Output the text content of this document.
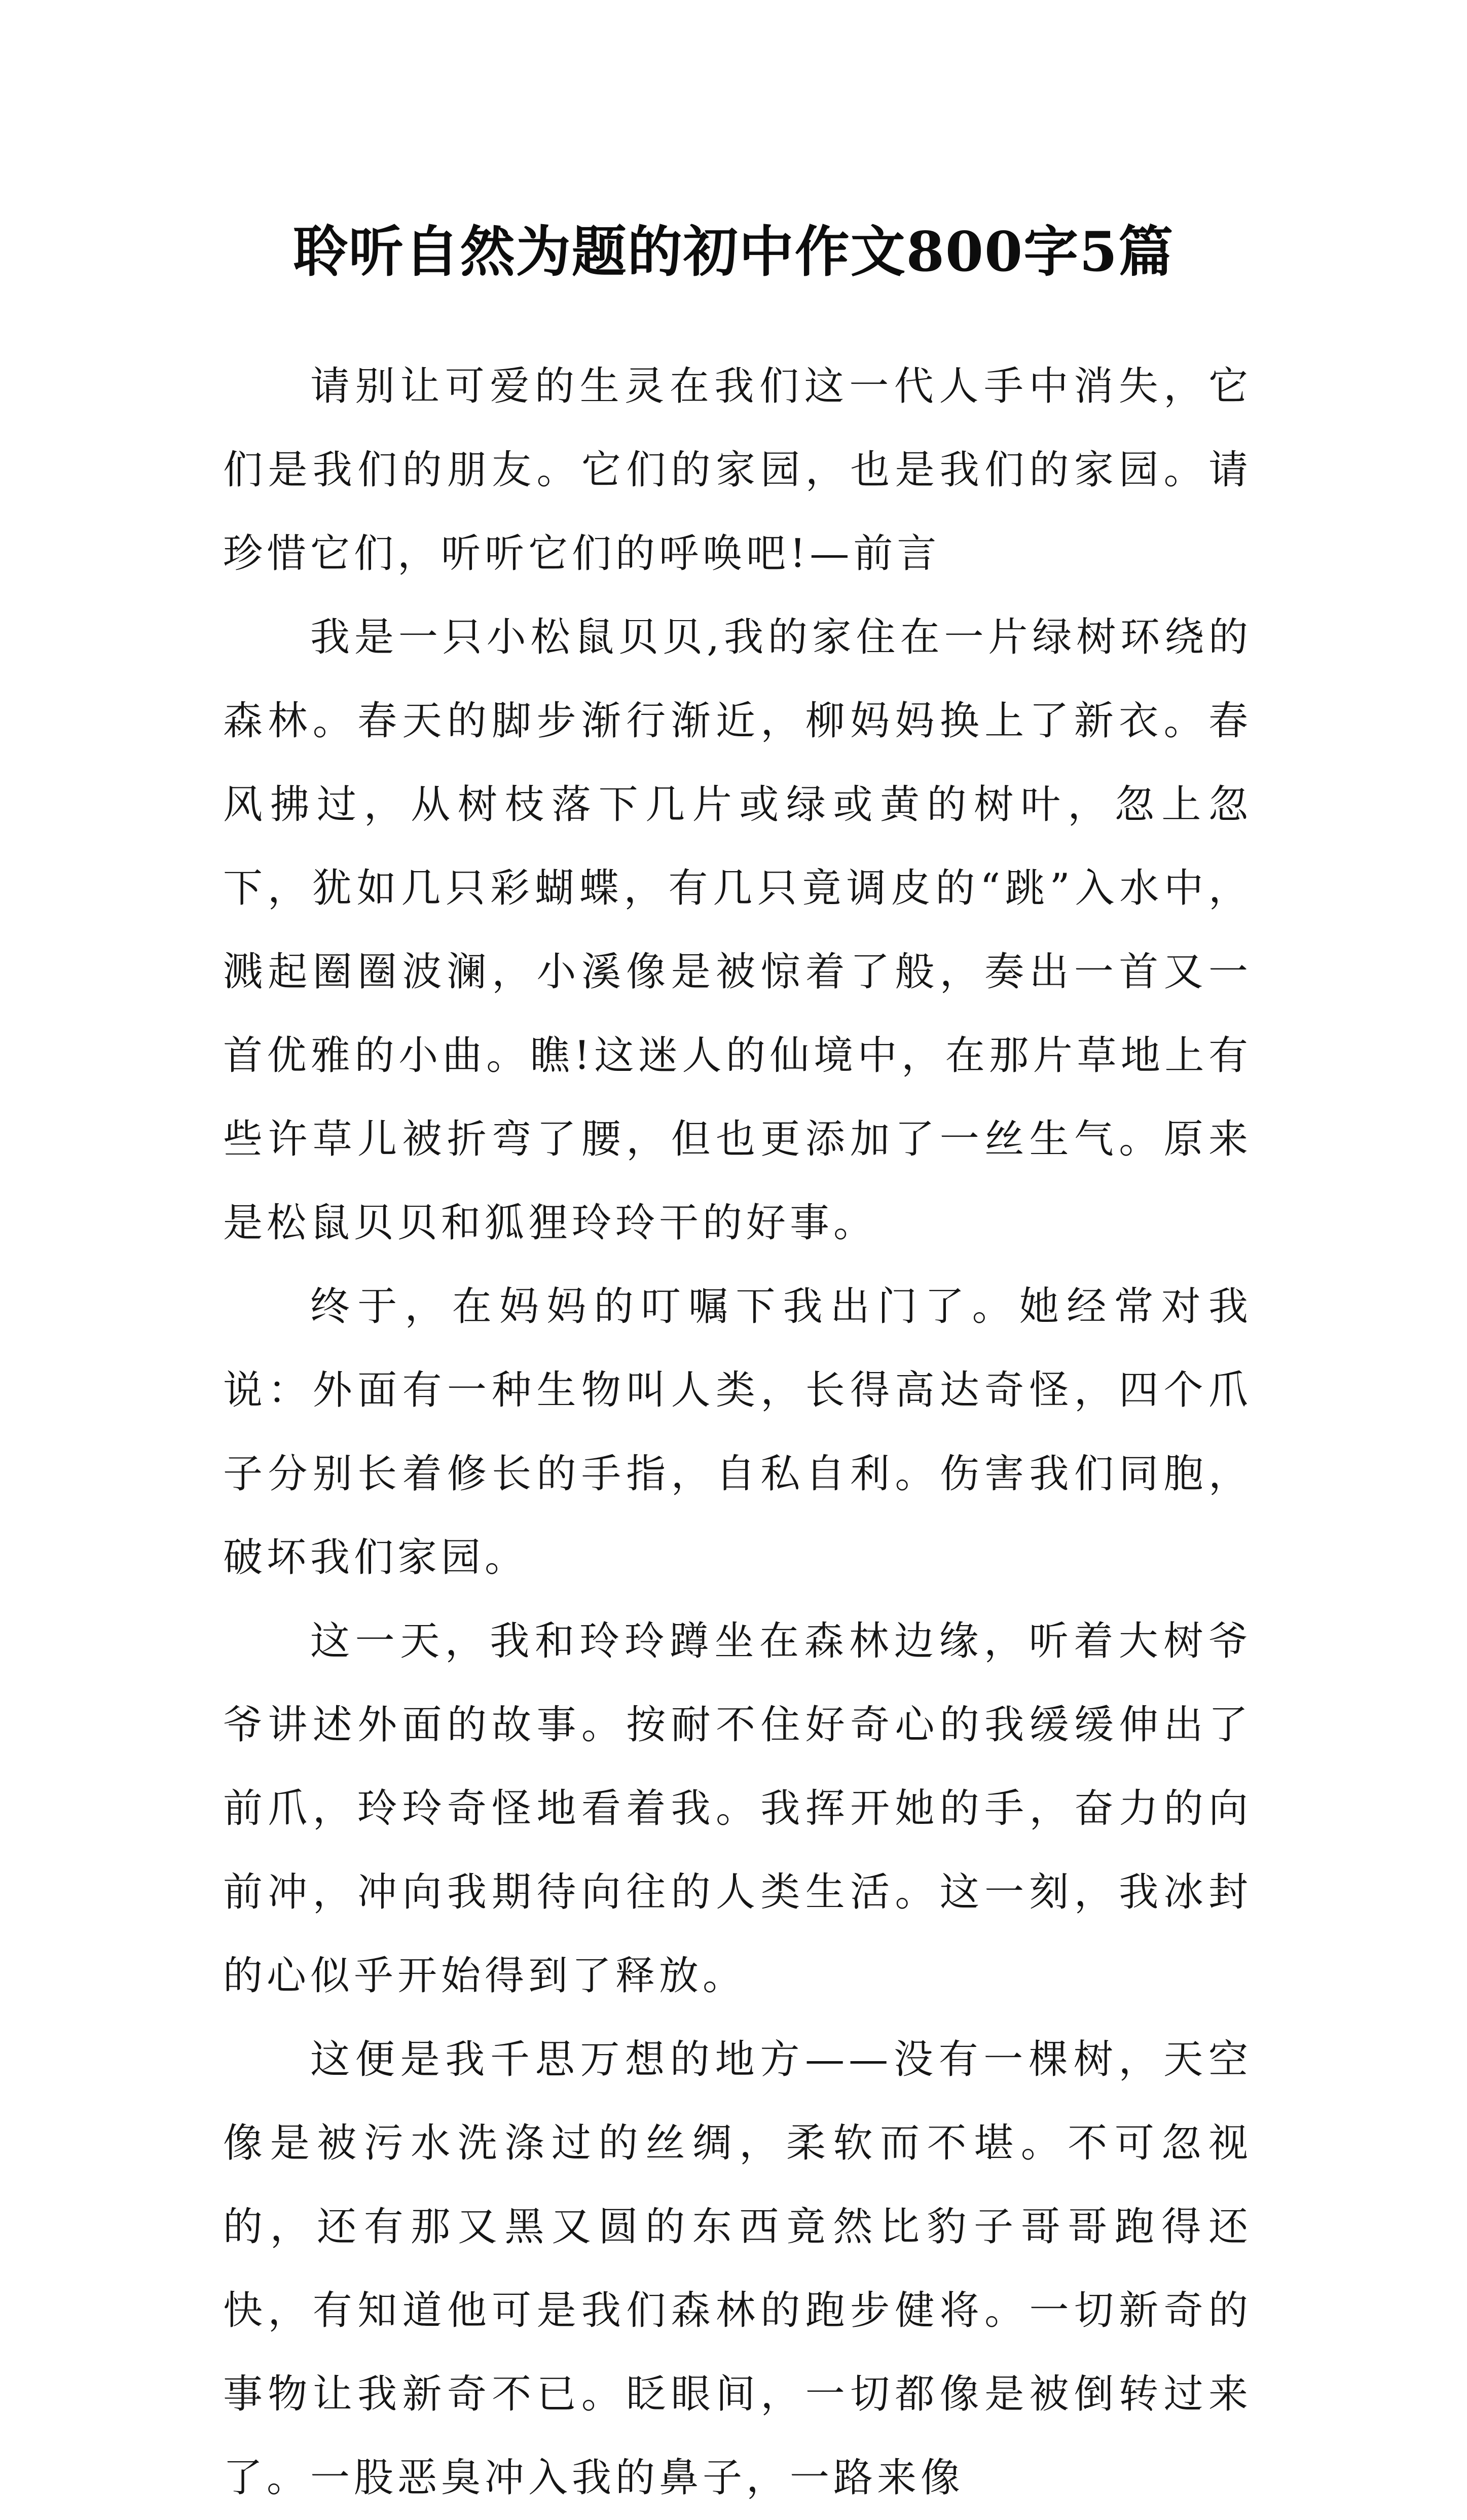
聆听自然为题的初中作文800字5篇

请别让可爱的生灵在我们这一代人手中消失，它们是我们的朋友。它们的家园，也是我们的家园。请珍惜它们，听听它们的呼唤吧!—前言

我是一只小松鼠贝贝,我的家住在一片绿树环绕的森林。春天的脚步渐行渐近，柳妈妈换上了新衣。春风拂过，从树枝落下几片或绿或黄的树叶，忽上忽下，犹如几只彩蝴蝶，有几只竟调皮的“跳”入水中，溅起圈圈波澜，小溪像是被惊着了般，奏出一首又一首优雅的小曲。瞧!这迷人的仙境中，在那片草地上有些许草儿被折弯了腰，但也更添加了一丝生气。原来是松鼠贝贝和狐狸玲玲干的好事。

终于，在妈妈的叮嘱下我出门了。她经常对我说：外面有一种生物叫人类，长得高达奇怪，四个爪子分别长着修长的手指，自私自利。伤害我们同胞，破坏我们家园。

这一天，我和玲玲蹲坐在森林边缘，听着大树爷爷讲述外面的故事。按耐不住好奇心的我缓缓伸出了前爪，玲玲奇怪地看着我。我挥开她的手，奋力的向前冲，冲向我期待向往的人类生活。这一刻，我冰封的心似乎开始得到了释放。

这便是我千思万想的地方——没有一棵树，天空像是被污水洗涤过的丝绸，柔软而不堪。不可忽视的，还有那又黑又圆的东西竟然比豹子哥哥跑得还快，有知道他可是我们森林的跑步健将。一切新奇的事物让我新奇不已。眨眼间，一切都像是被倒转过来了。一股恶臭冲入我的鼻子，一路来像
